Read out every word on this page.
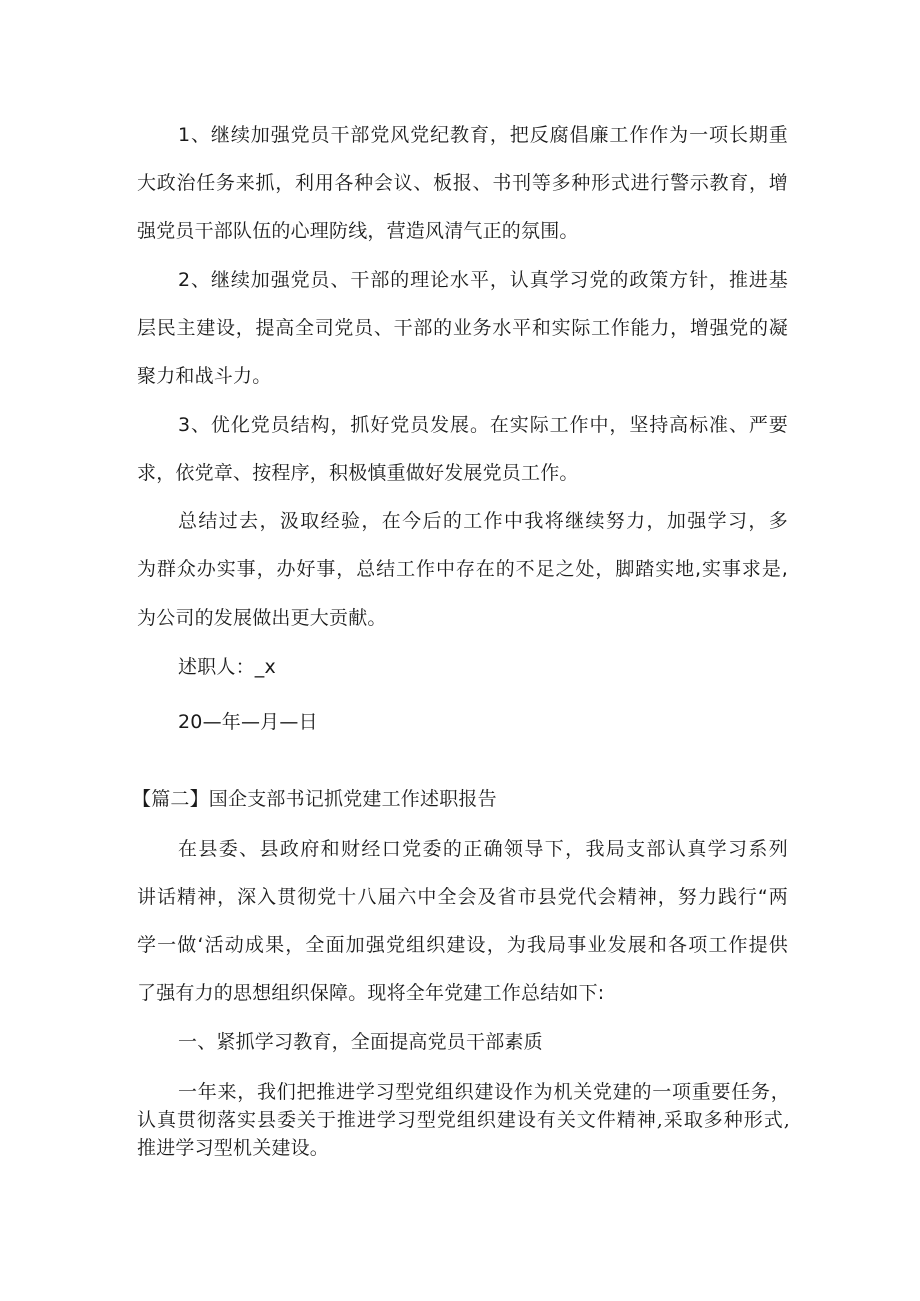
1、继续加强党员干部党风党纪教育，把反腐倡廉工作作为一项长期重
大政治任务来抓，利用各种会议、板报、书刊等多种形式进行警示教育，增
强党员干部队伍的心理防线，营造风清气正的氛围。
2、继续加强党员、干部的理论水平，认真学习党的政策方针，推进基
层民主建设，提高全司党员、干部的业务水平和实际工作能力，增强党的凝
聚力和战斗力。
3、优化党员结构，抓好党员发展。在实际工作中，坚持高标准、严要
求，依党章、按程序，积极慎重做好发展党员工作。
总结过去，汲取经验，在今后的工作中我将继续努力，加强学习，多
为群众办实事，办好事，总结工作中存在的不足之处，脚踏实地,实事求是,
为公司的发展做出更大贡献。
述职人：_x
20—年—月—日
【篇二】国企支部书记抓党建工作述职报告
在县委、县政府和财经口党委的正确领导下，我局支部认真学习系列
讲话精神，深入贯彻党十八届六中全会及省市县党代会精神，努力践行“两
学一做‘活动成果，全面加强党组织建设，为我局事业发展和各项工作提供
了强有力的思想组织保障。现将全年党建工作总结如下:
一、紧抓学习教育，全面提高党员干部素质
一年来，我们把推进学习型党组织建设作为机关党建的一项重要任务，
认真贯彻落实县委关于推进学习型党组织建设有关文件精神,采取多种形式,
推进学习型机关建设。
